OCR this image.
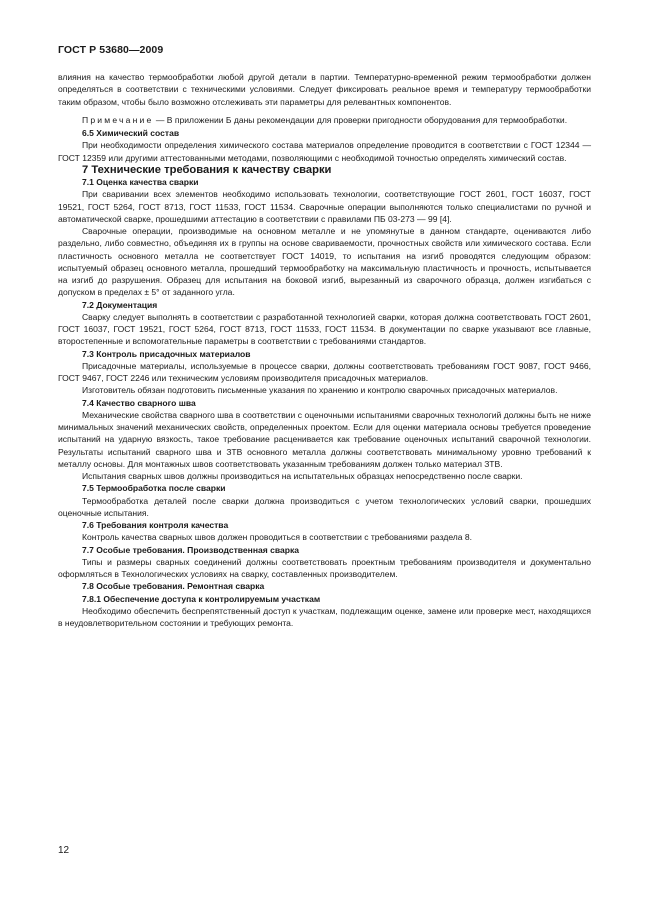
ГОСТ Р 53680—2009

влияния на качество термообработки любой другой детали в партии. Температурно-временной режим термообработки должен определяться в соответствии с техническими условиями. Следует фиксировать реальное время и температуру термообработки таким образом, чтобы было возможно отслеживать эти параметры для релевантных компонентов.

Примечание — В приложении Б даны рекомендации для проверки пригодности оборудования для термообработки.

6.5 Химический состав

При необходимости определения химического состава материалов определение проводится в соответствии с ГОСТ 12344 — ГОСТ 12359 или другими аттестованными методами, позволяющими с необходимой точностью определять химический состав.

7 Технические требования к качеству сварки

7.1 Оценка качества сварки

При сваривании всех элементов необходимо использовать технологии, соответствующие ГОСТ 2601, ГОСТ 16037, ГОСТ 19521, ГОСТ 5264, ГОСТ 8713, ГОСТ 11533, ГОСТ 11534. Сварочные операции выполняются только специалистами по ручной и автоматической сварке, прошедшими аттестацию в соответствии с правилами ПБ 03-273 — 99 [4].

Сварочные операции, производимые на основном металле и не упомянутые в данном стандарте, оцениваются либо раздельно, либо совместно, объединяя их в группы на основе свариваемости, прочностных свойств или химического состава. Если пластичность основного металла не соответствует ГОСТ 14019, то испытания на изгиб проводятся следующим образом: испытуемый образец основного металла, прошедший термообработку на максимальную пластичность и прочность, испытывается на изгиб до разрушения. Образец для испытания на боковой изгиб, вырезанный из сварочного образца, должен изгибаться с допуском в пределах ± 5° от заданного угла.

7.2 Документация

Сварку следует выполнять в соответствии с разработанной технологией сварки, которая должна соответствовать ГОСТ 2601, ГОСТ 16037, ГОСТ 19521, ГОСТ 5264, ГОСТ 8713, ГОСТ 11533, ГОСТ 11534. В документации по сварке указывают все главные, второстепенные и вспомогательные параметры в соответствии с требованиями стандартов.

7.3 Контроль присадочных материалов

Присадочные материалы, используемые в процессе сварки, должны соответствовать требованиям ГОСТ 9087, ГОСТ 9466, ГОСТ 9467, ГОСТ 2246 или техническим условиям производителя присадочных материалов.

Изготовитель обязан подготовить письменные указания по хранению и контролю сварочных присадочных материалов.

7.4 Качество сварного шва

Механические свойства сварного шва в соответствии с оценочными испытаниями сварочных технологий должны быть не ниже минимальных значений механических свойств, определенных проектом. Если для оценки материала основы требуется проведение испытаний на ударную вязкость, такое требование расценивается как требование оценочных испытаний сварочной технологии. Результаты испытаний сварного шва и ЗТВ основного металла должны соответствовать минимальному уровню требований к металлу основы. Для монтажных швов соответствовать указанным требованиям должен только материал ЗТВ.

Испытания сварных швов должны производиться на испытательных образцах непосредственно после сварки.

7.5 Термообработка после сварки

Термообработка деталей после сварки должна производиться с учетом технологических условий сварки, прошедших оценочные испытания.

7.6 Требования контроля качества

Контроль качества сварных швов должен проводиться в соответствии с требованиями раздела 8.

7.7 Особые требования. Производственная сварка

Типы и размеры сварных соединений должны соответствовать проектным требованиям производителя и документально оформляться в Технологических условиях на сварку, составленных производителем.

7.8 Особые требования. Ремонтная сварка

7.8.1 Обеспечение доступа к контролируемым участкам

Необходимо обеспечить беспрепятственный доступ к участкам, подлежащим оценке, замене или проверке мест, находящихся в неудовлетворительном состоянии и требующих ремонта.

12
